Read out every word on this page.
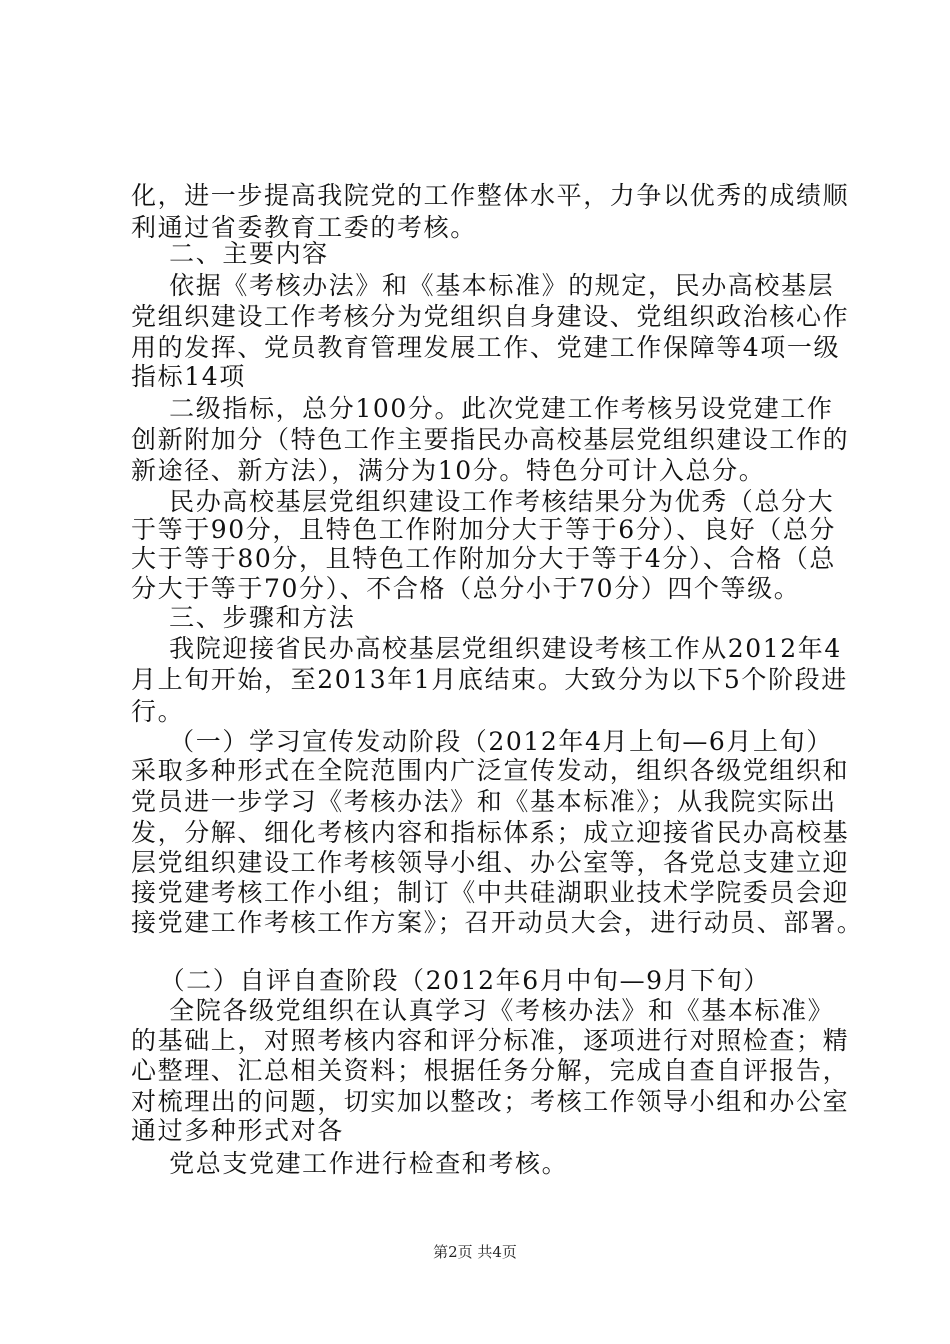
化，进一步提高我院党的工作整体水平，力争以优秀的成绩顺
利通过省委教育工委的考核。
二、主要内容
依据《考核办法》和《基本标准》的规定，民办高校基层
党组织建设工作考核分为党组织自身建设、党组织政治核心作
用的发挥、党员教育管理发展工作、党建工作保障等4项一级
指标14项
二级指标，总分100分。此次党建工作考核另设党建工作
创新附加分（特色工作主要指民办高校基层党组织建设工作的
新途径、新方法），满分为10分。特色分可计入总分。
民办高校基层党组织建设工作考核结果分为优秀（总分大
于等于90分，且特色工作附加分大于等于6分）、良好（总分
大于等于80分，且特色工作附加分大于等于4分）、合格（总
分大于等于70分）、不合格（总分小于70分）四个等级。
三、步骤和方法
我院迎接省民办高校基层党组织建设考核工作从2012年4
月上旬开始，至2013年1月底结束。大致分为以下5个阶段进
行。
（一）学习宣传发动阶段（2012年4月上旬—6月上旬）
采取多种形式在全院范围内广泛宣传发动，组织各级党组织和
党员进一步学习《考核办法》和《基本标准》；从我院实际出
发，分解、细化考核内容和指标体系；成立迎接省民办高校基
层党组织建设工作考核领导小组、办公室等，各党总支建立迎
接党建考核工作小组；制订《中共硅湖职业技术学院委员会迎
接党建工作考核工作方案》；召开动员大会，进行动员、部署。
（二）自评自查阶段（2012年6月中旬—9月下旬）
全院各级党组织在认真学习《考核办法》和《基本标准》
的基础上，对照考核内容和评分标准，逐项进行对照检查；精
心整理、汇总相关资料；根据任务分解，完成自查自评报告，
对梳理出的问题，切实加以整改；考核工作领导小组和办公室
通过多种形式对各
党总支党建工作进行检查和考核。
第2页 共4页
